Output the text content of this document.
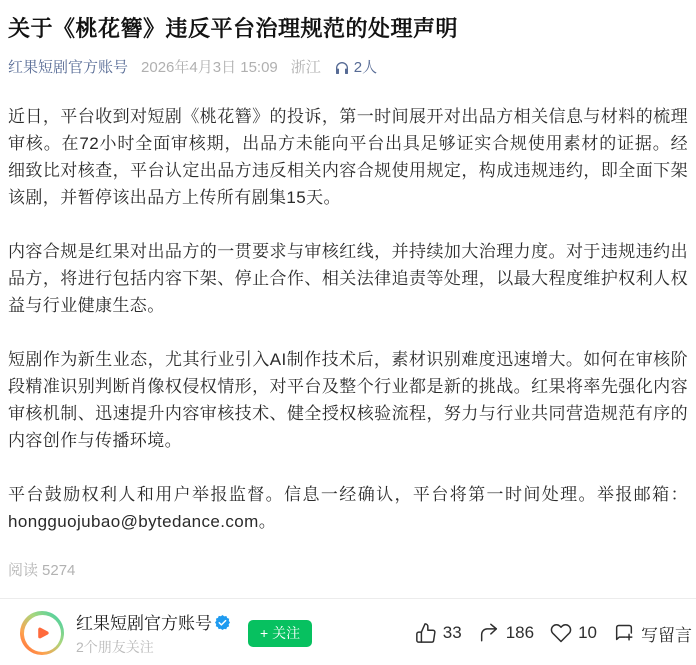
关于《桃花簪》违反平台治理规范的处理声明
红果短剧官方账号 2026年4月3日 15:09 浙江 2人

近日，平台收到对短剧《桃花簪》的投诉，第一时间展开对出品方相关信息与材料的梳理审核。在72小时全面审核期，出品方未能向平台出具足够证实合规使用素材的证据。经细致比对核查，平台认定出品方违反相关内容合规使用规定，构成违规违约，即全面下架该剧，并暂停该出品方上传所有剧集15天。

内容合规是红果对出品方的一贯要求与审核红线，并持续加大治理力度。对于违规违约出品方，将进行包括内容下架、停止合作、相关法律追责等处理，以最大程度维护权利人权益与行业健康生态。

短剧作为新生业态，尤其行业引入AI制作技术后，素材识别难度迅速增大。如何在审核阶段精准识别判断肖像权侵权情形，对平台及整个行业都是新的挑战。红果将率先强化内容审核机制、迅速提升内容审核技术、健全授权核验流程，努力与行业共同营造规范有序的内容创作与传播环境。

平台鼓励权利人和用户举报监督。信息一经确认，平台将第一时间处理。举报邮箱：hongguojubao@bytedance.com。

阅读 5274
红果短剧官方账号
2个朋友关注
+ 关注	33	186	10	写留言
